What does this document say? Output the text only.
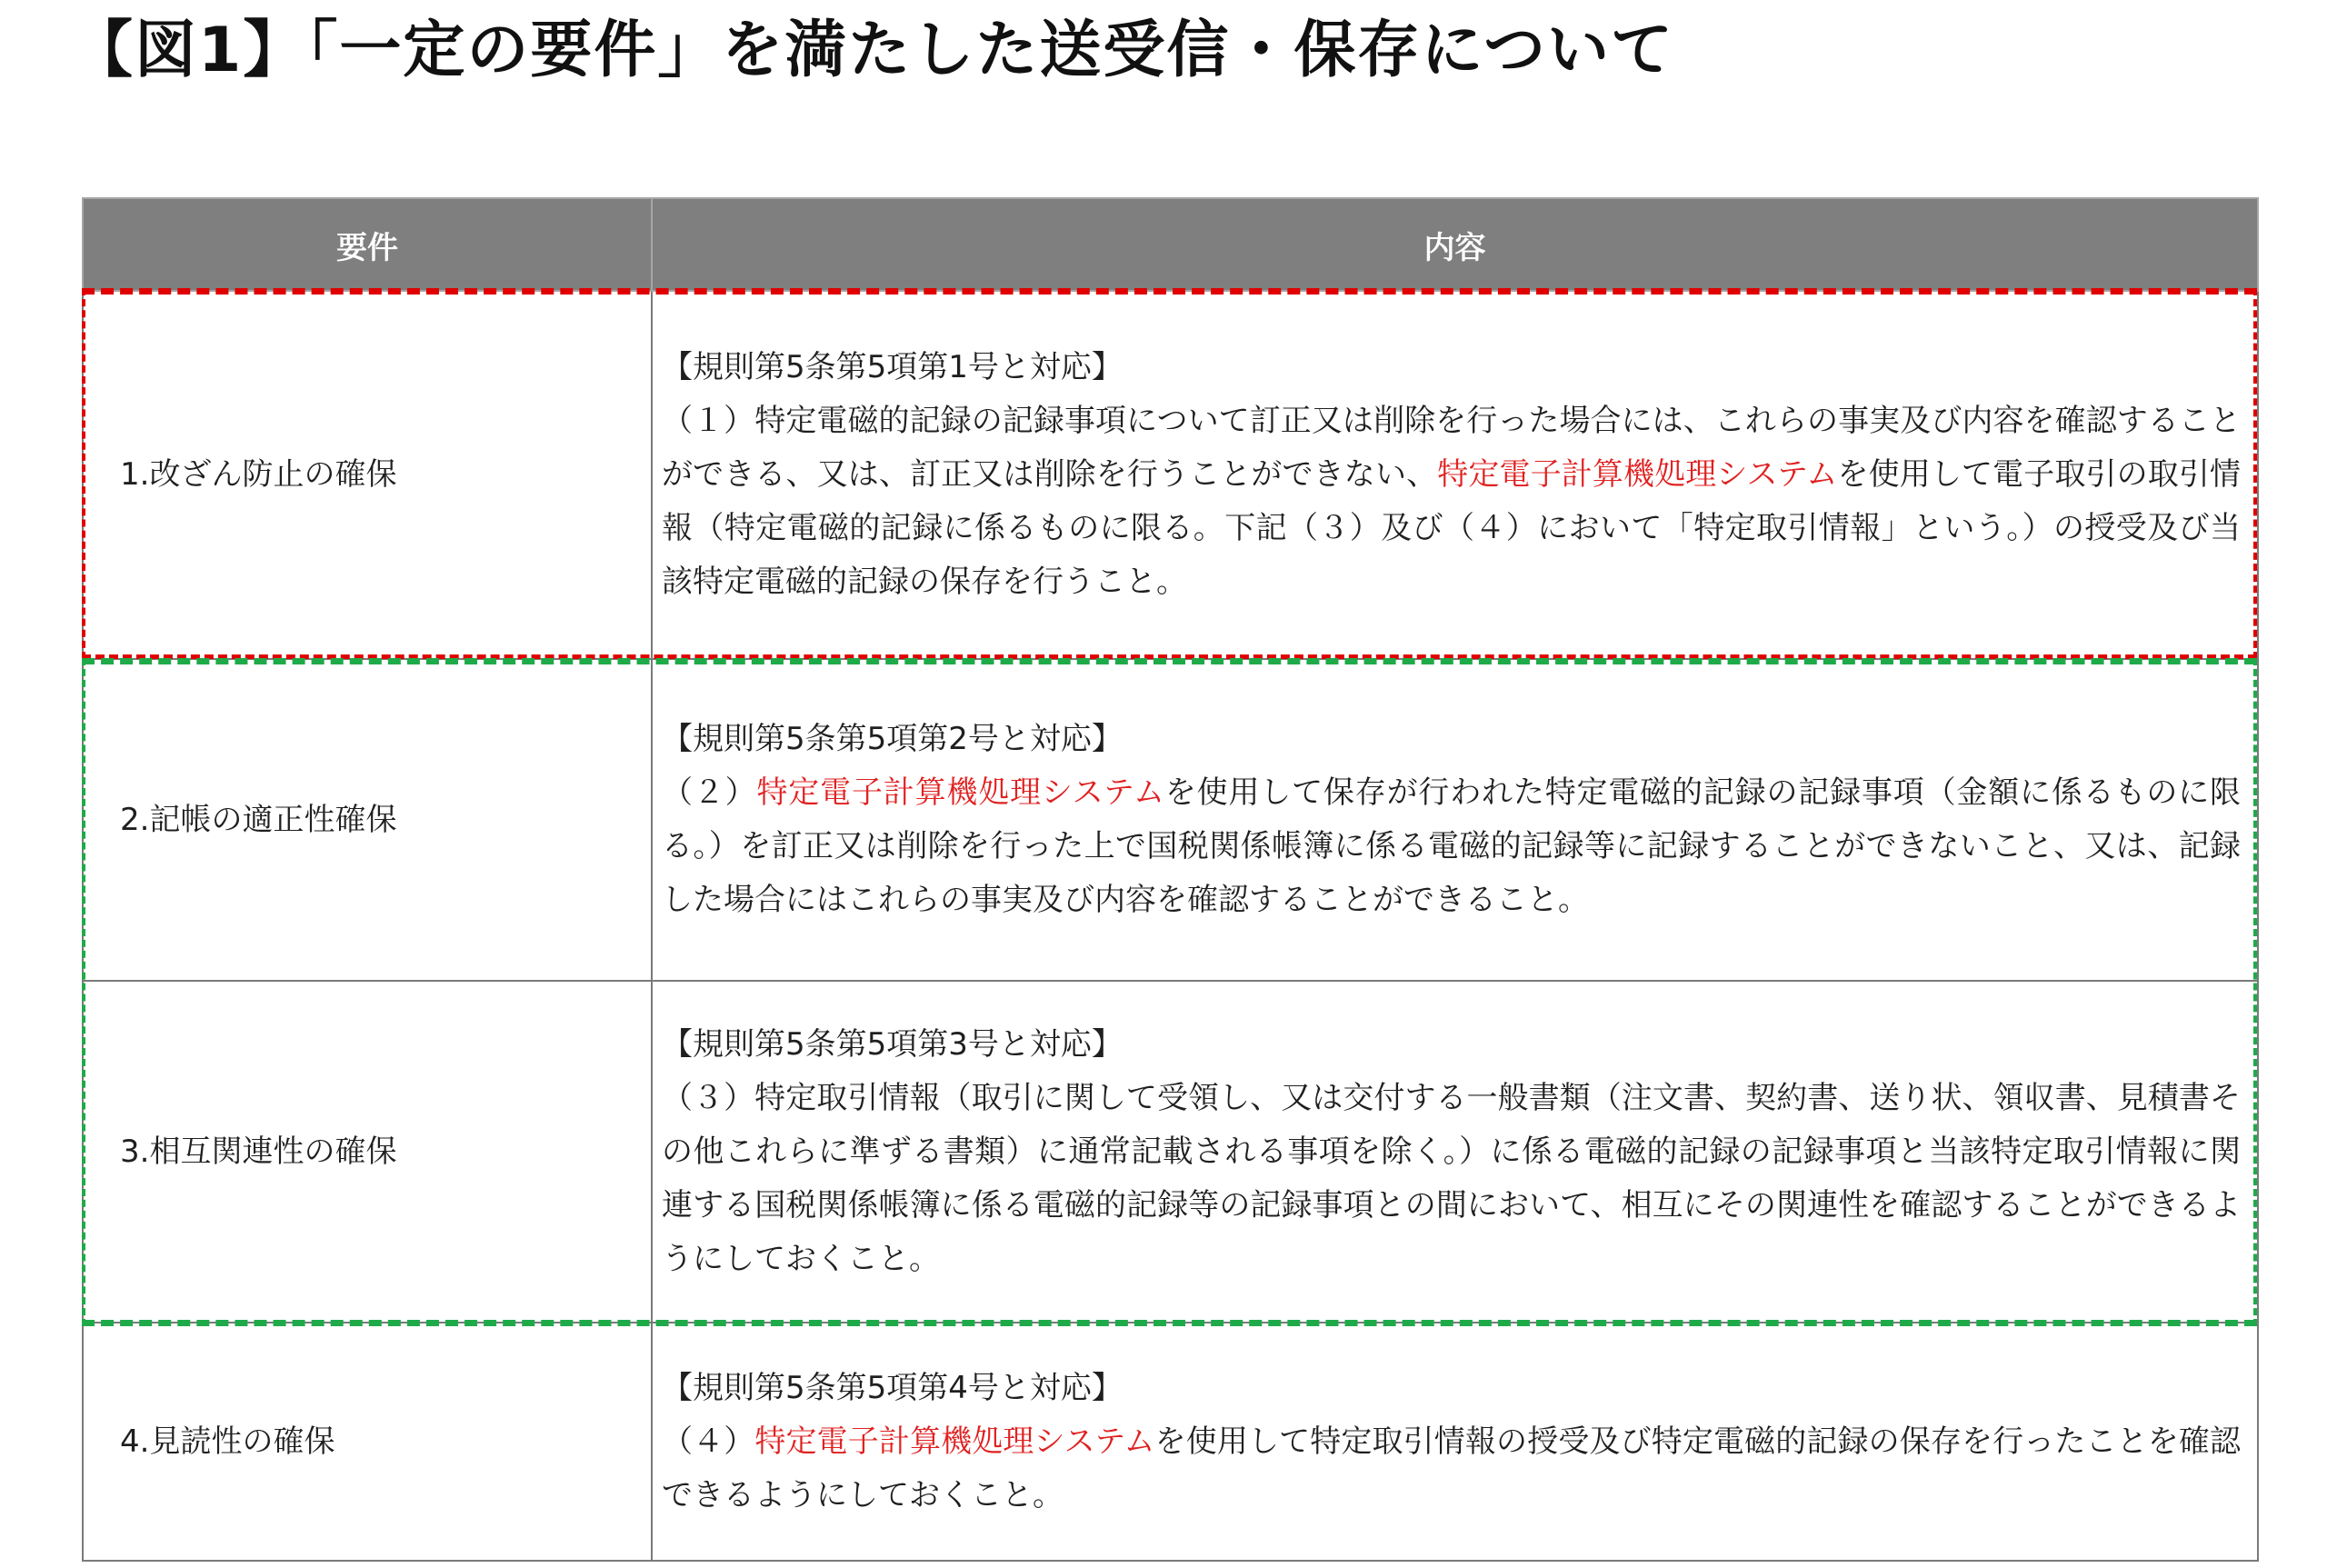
【図1】「一定の要件」を満たした送受信・保存について
要件	内容
1.改ざん防止の確保	【規則第5条第5項第1号と対応】
（１）特定電磁的記録の記録事項について訂正又は削除を行った場合には、これらの事実及び内容を確認することができる、又は、訂正又は削除を行うことができない、特定電子計算機処理システムを使用して電子取引の取引情報（特定電磁的記録に係るものに限る。下記（３）及び（４）において「特定取引情報」という。）の授受及び当該特定電磁的記録の保存を行うこと。

2.記帳の適正性確保	【規則第5条第5項第2号と対応】
（２）特定電子計算機処理システムを使用して保存が行われた特定電磁的記録の記録事項（金額に係るものに限る。）を訂正又は削除を行った上で国税関係帳簿に係る電磁的記録等に記録することができないこと、又は、記録した場合にはこれらの事実及び内容を確認することができること。

3.相互関連性の確保	【規則第5条第5項第3号と対応】
（３）特定取引情報（取引に関して受領し、又は交付する一般書類（注文書、契約書、送り状、領収書、見積書その他これらに準ずる書類）に通常記載される事項を除く。）に係る電磁的記録の記録事項と当該特定取引情報に関連する国税関係帳簿に係る電磁的記録等の記録事項との間において、相互にその関連性を確認することができるようにしておくこと。

4.見読性の確保	【規則第5条第5項第4号と対応】
（４）特定電子計算機処理システムを使用して特定取引情報の授受及び特定電磁的記録の保存を行ったことを確認できるようにしておくこと。
